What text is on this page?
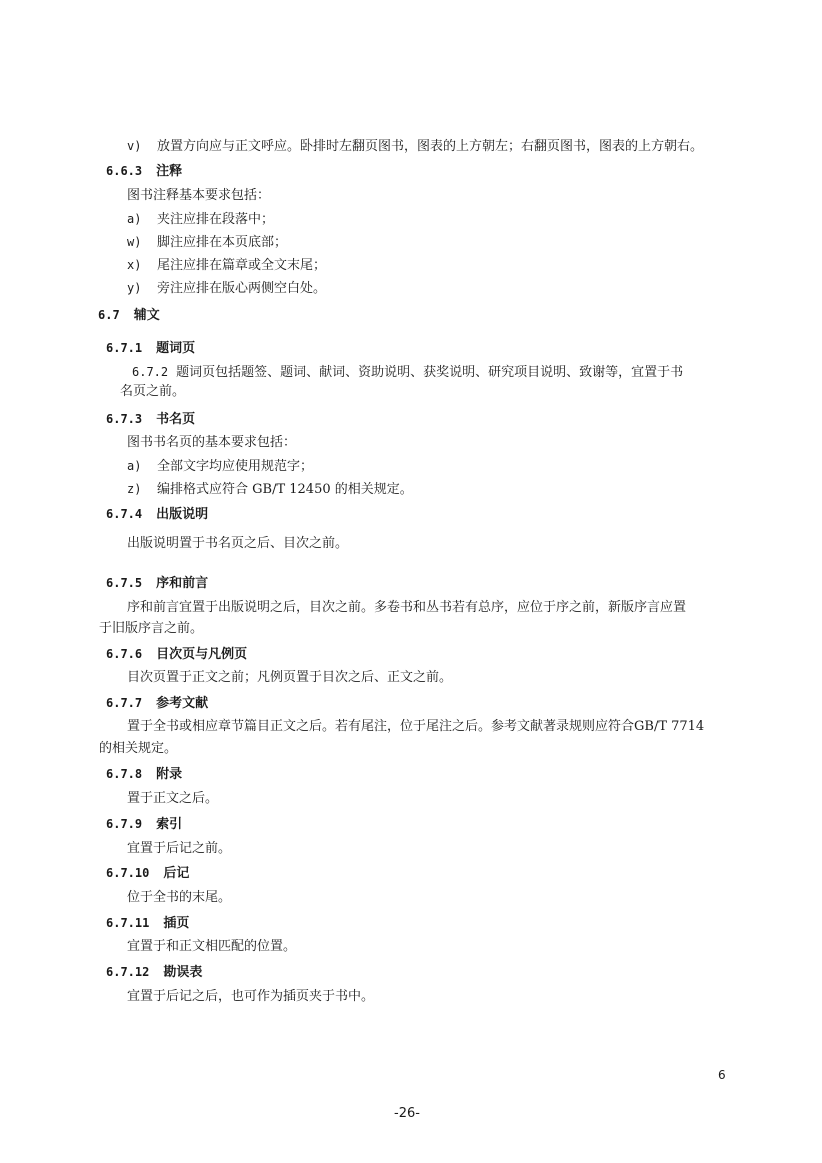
v) 放置方向应与正文呼应。卧排时左翻页图书，图表的上方朝左；右翻页图书，图表的上方朝右。
6.6.3 注释
图书注释基本要求包括：
a) 夹注应排在段落中；
w) 脚注应排在本页底部；
x) 尾注应排在篇章或全文末尾；
y) 旁注应排在版心两侧空白处。
6.7 辅文
6.7.1 题词页
6.7.2 题词页包括题签、题词、献词、资助说明、获奖说明、研究项目说明、致谢等，宜置于书
名页之前。
6.7.3 书名页
图书书名页的基本要求包括：
a) 全部文字均应使用规范字；
z) 编排格式应符合 GB/T 12450 的相关规定。
6.7.4 出版说明
出版说明置于书名页之后、目次之前。
6.7.5 序和前言
序和前言宜置于出版说明之后，目次之前。多卷书和丛书若有总序，应位于序之前，新版序言应置
于旧版序言之前。
6.7.6 目次页与凡例页
目次页置于正文之前；凡例页置于目次之后、正文之前。
6.7.7 参考文献
置于全书或相应章节篇目正文之后。若有尾注，位于尾注之后。参考文献著录规则应符合GB/T 7714
的相关规定。
6.7.8 附录
置于正文之后。
6.7.9 索引
宜置于后记之前。
6.7.10 后记
位于全书的末尾。
6.7.11 插页
宜置于和正文相匹配的位置。
6.7.12 勘误表
宜置于后记之后，也可作为插页夹于书中。
6
-26-
